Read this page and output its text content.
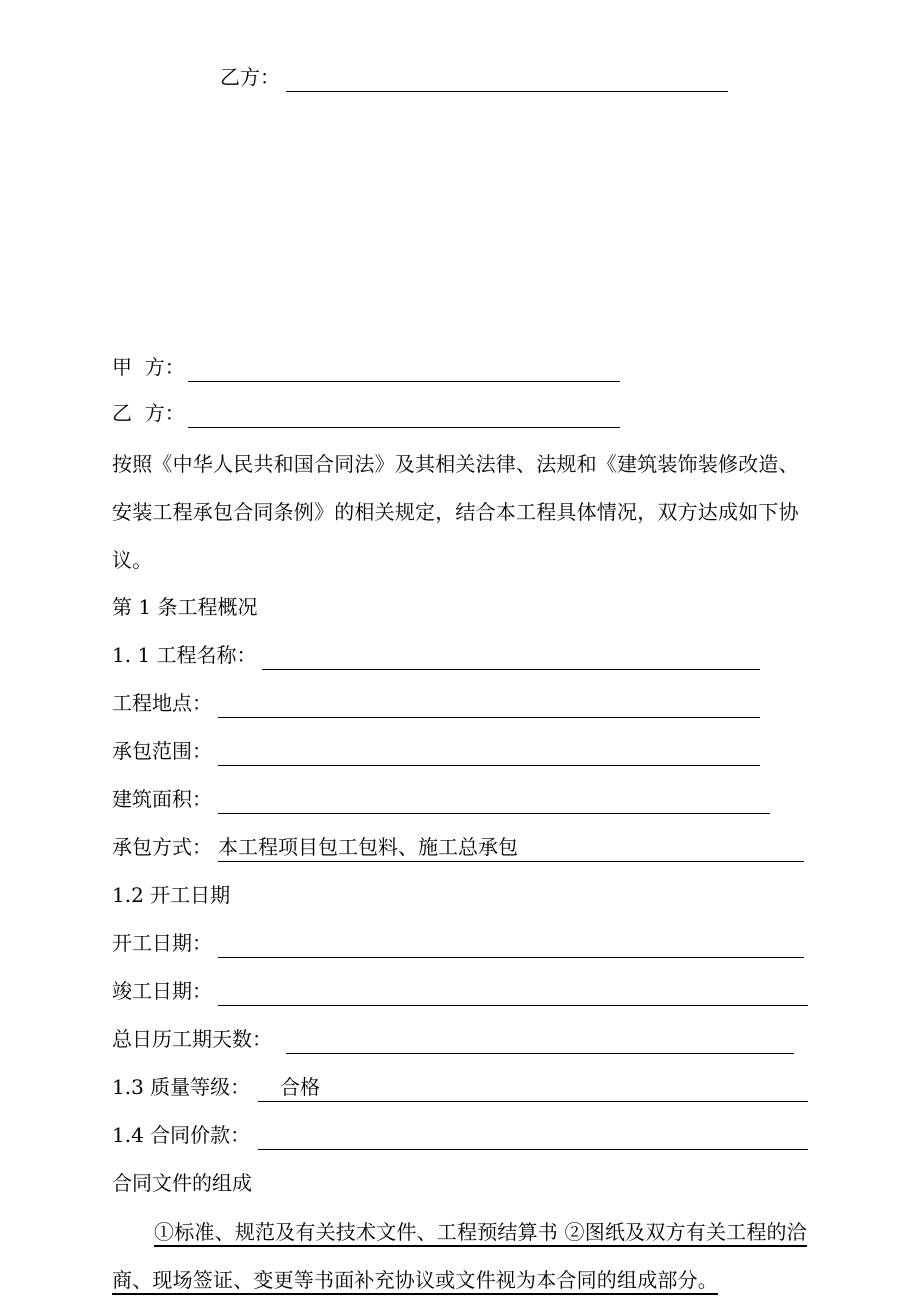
乙方：
甲  方：
乙  方：
按照《中华人民共和国合同法》及其相关法律、法规和《建筑装饰装修改造、安装工程承包合同条例》的相关规定，结合本工程具体情况，双方达成如下协议。
第 1 条工程概况
1. 1 工程名称：
工程地点：
承包范围：
建筑面积：
承包方式： 本工程项目包工包料、施工总承包
1.2 开工日期
开工日期：
竣工日期：
总日历工期天数：
1.3 质量等级：	合格
1.4 合同价款：
合同文件的组成
①标准、规范及有关技术文件、工程预结算书 ②图纸及双方有关工程的洽商、现场签证、变更等书面补充协议或文件视为本合同的组成部分。
